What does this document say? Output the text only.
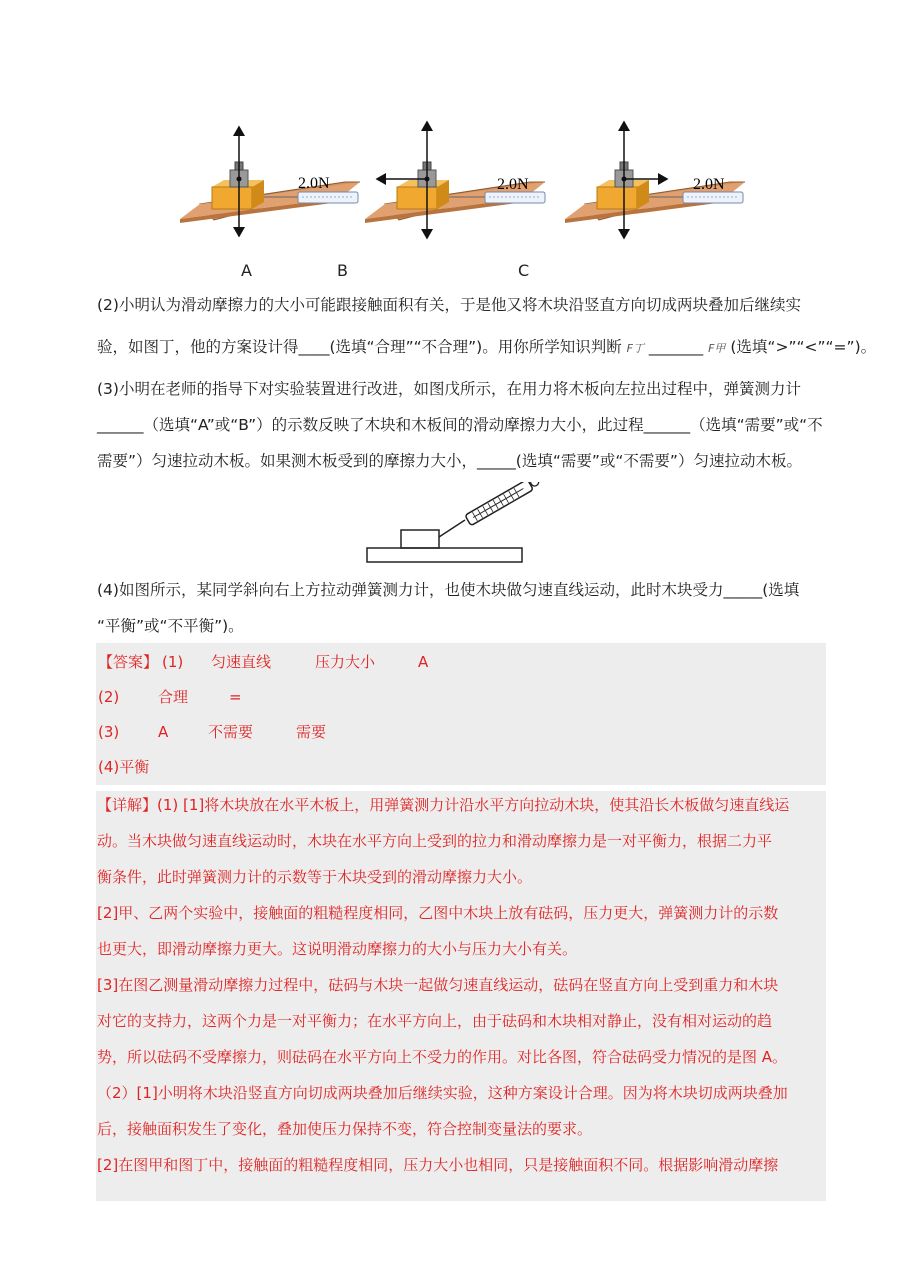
2.0N	2.0N	2.0N
A	B	C
(2)小明认为滑动摩擦力的大小可能跟接触面积有关，于是他又将木块沿竖直方向切成两块叠加后继续实
验，如图丁，他的方案设计得____(选填“合理”“不合理”)。用你所学知识判断 F丁 _______ F甲 (选填“>”“<”“=”)。
(3)小明在老师的指导下对实验装置进行改进，如图戊所示，在用力将木板向左拉出过程中，弹簧测力计
______（选填“A”或“B”）的示数反映了木块和木板间的滑动摩擦力大小，此过程______（选填“需要”或“不
需要”）匀速拉动木板。如果测木板受到的摩擦力大小，_____(选填“需要”或“不需要”）匀速拉动木板。
(4)如图所示，某同学斜向右上方拉动弹簧测力计，也使木块做匀速直线运动，此时木块受力_____(选填
“平衡”或“不平衡”)。
【答案】 (1) 匀速直线	压力大小	A
(2)	合理	=
(3)	A	不需要	需要
(4)平衡
【详解】(1) [1]将木块放在水平木板上，用弹簧测力计沿水平方向拉动木块，使其沿长木板做匀速直线运
动。当木块做匀速直线运动时，木块在水平方向上受到的拉力和滑动摩擦力是一对平衡力，根据二力平
衡条件，此时弹簧测力计的示数等于木块受到的滑动摩擦力大小。
[2]甲、乙两个实验中，接触面的粗糙程度相同，乙图中木块上放有砝码，压力更大，弹簧测力计的示数
也更大，即滑动摩擦力更大。这说明滑动摩擦力的大小与压力大小有关。
[3]在图乙测量滑动摩擦力过程中，砝码与木块一起做匀速直线运动，砝码在竖直方向上受到重力和木块
对它的支持力，这两个力是一对平衡力；在水平方向上，由于砝码和木块相对静止，没有相对运动的趋
势，所以砝码不受摩擦力，则砝码在水平方向上不受力的作用。对比各图，符合砝码受力情况的是图 A。
（2）[1]小明将木块沿竖直方向切成两块叠加后继续实验，这种方案设计合理。因为将木块切成两块叠加
后，接触面积发生了变化，叠加使压力保持不变，符合控制变量法的要求。
[2]在图甲和图丁中，接触面的粗糙程度相同，压力大小也相同，只是接触面积不同。根据影响滑动摩擦
